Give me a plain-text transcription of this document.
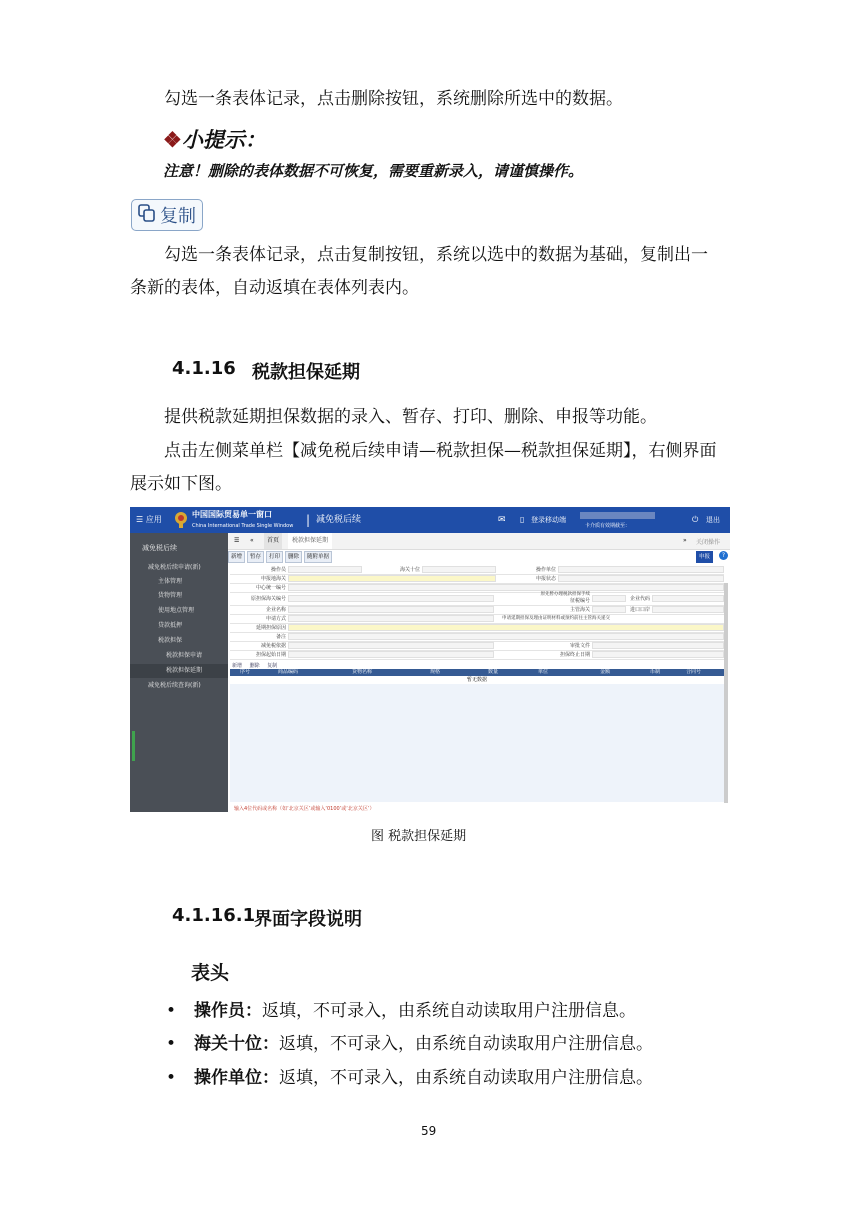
勾选一条表体记录，点击删除按钮，系统删除所选中的数据。
❖小提示：
注意！删除的表体数据不可恢复，需要重新录入，请谨慎操作。
复制
勾选一条表体记录，点击复制按钮，系统以选中的数据为基础，复制出一
条新的表体，自动返填在表体列表内。
4.1.16 税款担保延期
提供税款延期担保数据的录入、暂存、打印、删除、申报等功能。
点击左侧菜单栏【减免税后续申请—税款担保—税款担保延期】，右侧界面
展示如下图。
☰ 应用
中国国际贸易单一窗口
China International Trade Single Window | 减免税后续	✉ ▯ 登录移动端
卡介质有效期截至：
⏻ 退出
减免税后续
减免税后续申请(新)
主体管理
货物管理
使用地点管理
贷款抵押
税款担保
税款担保申请
税款担保延期
减免税后续查询(新)
☰ «	首页	税款担保延期	» 关闭操作
新增	暂存	打印	删除	随附单据	申报	?
操作员	海关十位	操作单位
申报地海关	申报状态
中心统一编号
原担保海关编号
原先暂办理税款担保手续
征税编号	企业代码
企业名称	主管海关	进口口岸
申请方式	申请延期担保及理由证明材料或预约前往主管海关递交
延期担保原因
备注
减免税依据	审批文件
担保起始日期	担保终止日期
新增 删除 复制
序号	商品编码	货物名称	规格	数量	单位	金额	币制	合同号
暂无数据
输入4位代码或名称（如‘北京关区’或输入‘0100’或‘北京关区’）
图 税款担保延期
4.1.16.1
界面字段说明
表头
• 操作员：返填，不可录入，由系统自动读取用户注册信息。
• 海关十位：返填，不可录入，由系统自动读取用户注册信息。
• 操作单位：返填，不可录入，由系统自动读取用户注册信息。
59
